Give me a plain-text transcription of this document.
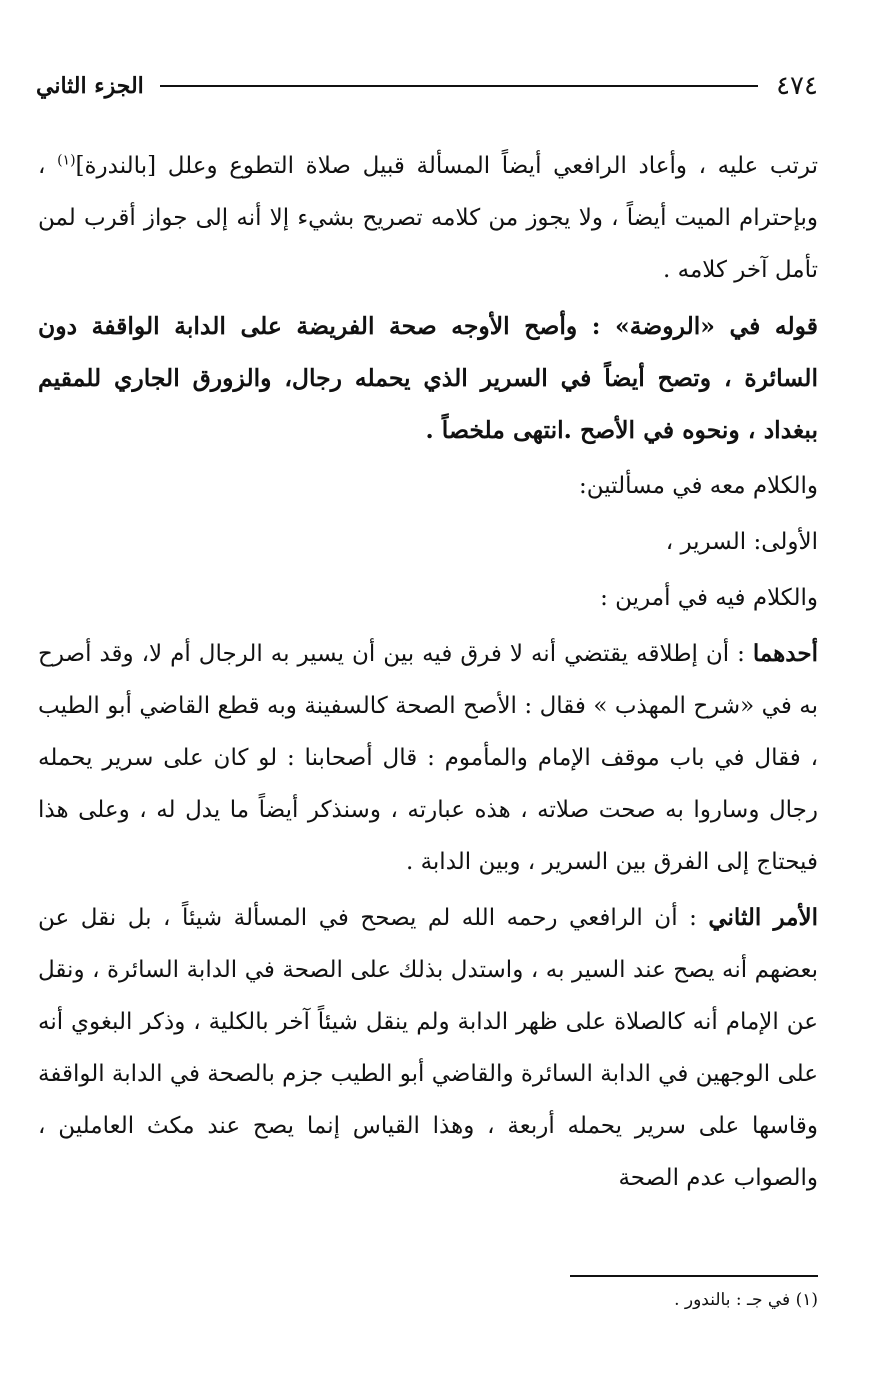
٤٧٤
الجزء الثاني

ترتب عليه ، وأعاد الرافعي أيضاً المسألة قبيل صلاة التطوع وعلل [بالندرة]$^{(١)}$ ، وبإحترام الميت أيضاً ، ولا يجوز من كلامه تصريح بشيء إلا أنه إلى جواز أقرب لمن تأمل آخر كلامه .

قوله في «الروضة» : وأصح الأوجه صحة الفريضة على الدابة الواقفة دون السائرة ، وتصح أيضاً في السرير الذي يحمله رجال، والزورق الجاري للمقيم ببغداد ، ونحوه في الأصح .انتهى ملخصاً .

والكلام معه في مسألتين:

الأولى: السرير ،

والكلام فيه في أمرين :

أحدهما : أن إطلاقه يقتضي أنه لا فرق فيه بين أن يسير به الرجال أم لا، وقد أصرح به في «شرح المهذب » فقال : الأصح الصحة كالسفينة وبه قطع القاضي أبو الطيب ، فقال في باب موقف الإمام والمأموم : قال أصحابنا : لو كان على سرير يحمله رجال وساروا به صحت صلاته ، هذه عبارته ، وسنذكر أيضاً ما يدل له ، وعلى هذا فيحتاج إلى الفرق بين السرير ، وبين الدابة .

الأمر الثاني : أن الرافعي رحمه الله لم يصحح في المسألة شيئاً ، بل نقل عن بعضهم أنه يصح عند السير به ، واستدل بذلك على الصحة في الدابة السائرة ، ونقل عن الإمام أنه كالصلاة على ظهر الدابة ولم ينقل شيئاً آخر بالكلية ، وذكر البغوي أنه على الوجهين في الدابة السائرة والقاضي أبو الطيب جزم بالصحة في الدابة الواقفة وقاسها على سرير يحمله أربعة ، وهذا القياس إنما يصح عند مكث العاملين ، والصواب عدم الصحة

(١) في جـ : بالندور .
